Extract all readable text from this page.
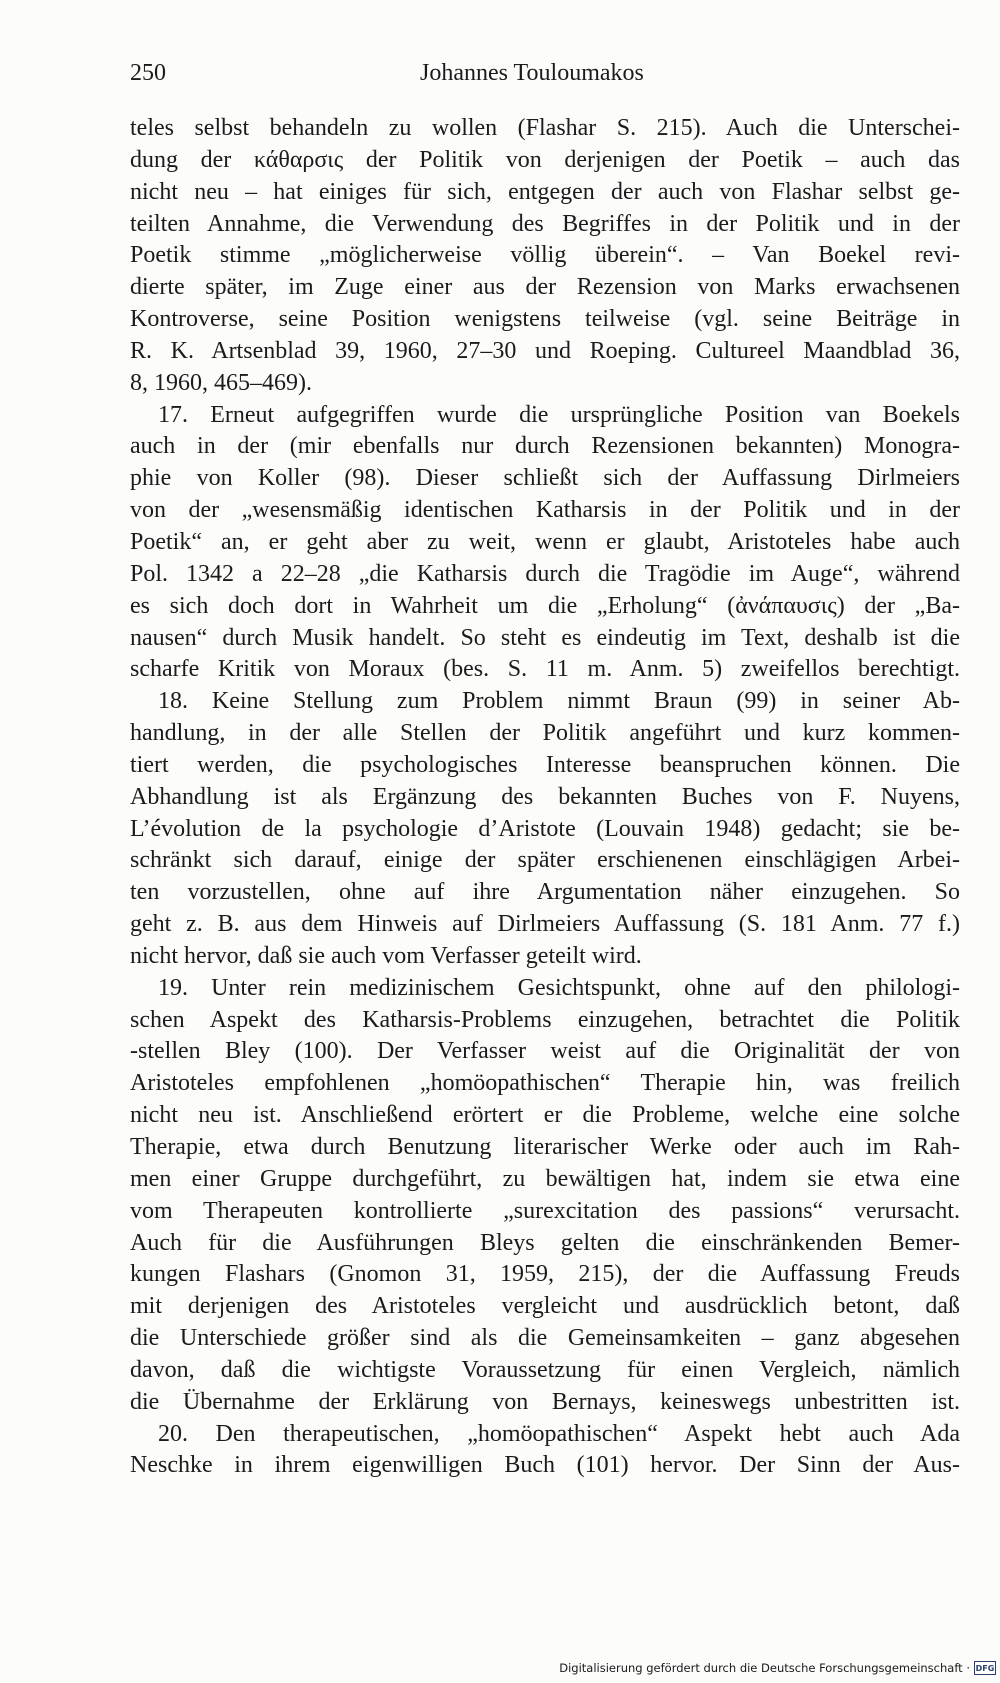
250	Johannes Touloumakos
teles selbst behandeln zu wollen (Flashar S. 215). Auch die Unterschei-
dung der κάθαρσις der Politik von derjenigen der Poetik – auch das
nicht neu – hat einiges für sich, entgegen der auch von Flashar selbst ge-
teilten Annahme, die Verwendung des Begriffes in der Politik und in der
Poetik stimme „möglicherweise völlig überein“. – Van Boekel revi-
dierte später, im Zuge einer aus der Rezension von Marks erwachsenen
Kontroverse, seine Position wenigstens teilweise (vgl. seine Beiträge in
R. K. Artsenblad 39, 1960, 27–30 und Roeping. Cultureel Maandblad 36,
8, 1960, 465–469).
17. Erneut aufgegriffen wurde die ursprüngliche Position van Boekels
auch in der (mir ebenfalls nur durch Rezensionen bekannten) Monogra-
phie von Koller (98). Dieser schließt sich der Auffassung Dirlmeiers
von der „wesensmäßig identischen Katharsis in der Politik und in der
Poetik“ an, er geht aber zu weit, wenn er glaubt, Aristoteles habe auch
Pol. 1342 a 22–28 „die Katharsis durch die Tragödie im Auge“, während
es sich doch dort in Wahrheit um die „Erholung“ (ἀνάπαυσις) der „Ba-
nausen“ durch Musik handelt. So steht es eindeutig im Text, deshalb ist die
scharfe Kritik von Moraux (bes. S. 11 m. Anm. 5) zweifellos berechtigt.
18. Keine Stellung zum Problem nimmt Braun (99) in seiner Ab-
handlung, in der alle Stellen der Politik angeführt und kurz kommen-
tiert werden, die psychologisches Interesse beanspruchen können. Die
Abhandlung ist als Ergänzung des bekannten Buches von F. Nuyens,
L’évolution de la psychologie d’Aristote (Louvain 1948) gedacht; sie be-
schränkt sich darauf, einige der später erschienenen einschlägigen Arbei-
ten vorzustellen, ohne auf ihre Argumentation näher einzugehen. So
geht z. B. aus dem Hinweis auf Dirlmeiers Auffassung (S. 181 Anm. 77 f.)
nicht hervor, daß sie auch vom Verfasser geteilt wird.
19. Unter rein medizinischem Gesichtspunkt, ohne auf den philologi-
schen Aspekt des Katharsis-Problems einzugehen, betrachtet die Politik
-stellen Bley (100). Der Verfasser weist auf die Originalität der von
Aristoteles empfohlenen „homöopathischen“ Therapie hin, was freilich
nicht neu ist. Anschließend erörtert er die Probleme, welche eine solche
Therapie, etwa durch Benutzung literarischer Werke oder auch im Rah-
men einer Gruppe durchgeführt, zu bewältigen hat, indem sie etwa eine
vom Therapeuten kontrollierte „surexcitation des passions“ verursacht.
Auch für die Ausführungen Bleys gelten die einschränkenden Bemer-
kungen Flashars (Gnomon 31, 1959, 215), der die Auffassung Freuds
mit derjenigen des Aristoteles vergleicht und ausdrücklich betont, daß
die Unterschiede größer sind als die Gemeinsamkeiten – ganz abgesehen
davon, daß die wichtigste Voraussetzung für einen Vergleich, nämlich
die Übernahme der Erklärung von Bernays, keineswegs unbestritten ist.
20. Den therapeutischen, „homöopathischen“ Aspekt hebt auch Ada
Neschke in ihrem eigenwilligen Buch (101) hervor. Der Sinn der Aus-
Digitalisierung gefördert durch die Deutsche Forschungsgemeinschaft · DFG
